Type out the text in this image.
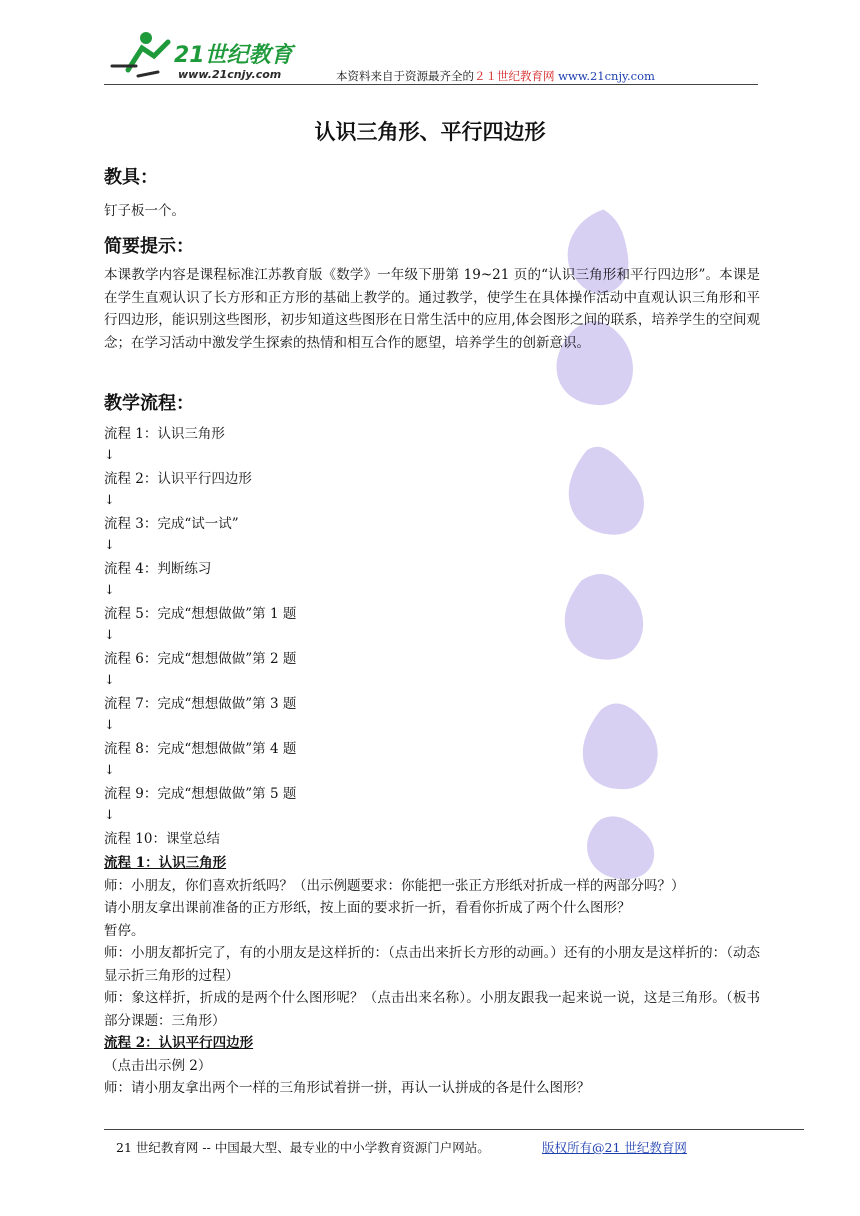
21世纪教育
www.21cnjy.com	本资料来自于资源最齐全的２１世纪教育网 www.21cnjy.com
认识三角形、平行四边形
教具：
钉子板一个。
简要提示：
本课教学内容是课程标准江苏教育版《数学》一年级下册第 19~21 页的“认识三角形和平行四边形”。本课是在学生直观认识了长方形和正方形的基础上教学的。通过教学，使学生在具体操作活动中直观认识三角形和平行四边形，能识别这些图形，初步知道这些图形在日常生活中的应用,体会图形之间的联系，培养学生的空间观念；在学习活动中激发学生探索的热情和相互合作的愿望，培养学生的创新意识。
教学流程：
流程 1：认识三角形
↓
流程 2：认识平行四边形
↓
流程 3：完成“试一试”
↓
流程 4：判断练习
↓
流程 5：完成“想想做做”第 1 题
↓
流程 6：完成“想想做做”第 2 题
↓
流程 7：完成“想想做做”第 3 题
↓
流程 8：完成“想想做做”第 4 题
↓
流程 9：完成“想想做做”第 5 题
↓
流程 10：课堂总结
流程 1：认识三角形
师：小朋友，你们喜欢折纸吗？（出示例题要求：你能把一张正方形纸对折成一样的两部分吗？）
请小朋友拿出课前准备的正方形纸，按上面的要求折一折，看看你折成了两个什么图形？
暂停。
师：小朋友都折完了，有的小朋友是这样折的：（点击出来折长方形的动画。）还有的小朋友是这样折的：（动态显示折三角形的过程）
师：象这样折，折成的是两个什么图形呢？（点击出来名称）。小朋友跟我一起来说一说，这是三角形。（板书部分课题：三角形）
流程 2：认识平行四边形
（点击出示例 2）
师：请小朋友拿出两个一样的三角形试着拼一拼，再认一认拼成的各是什么图形？
21 世纪教育网 -- 中国最大型、最专业的中小学教育资源门户网站。	版权所有@21 世纪教育网
